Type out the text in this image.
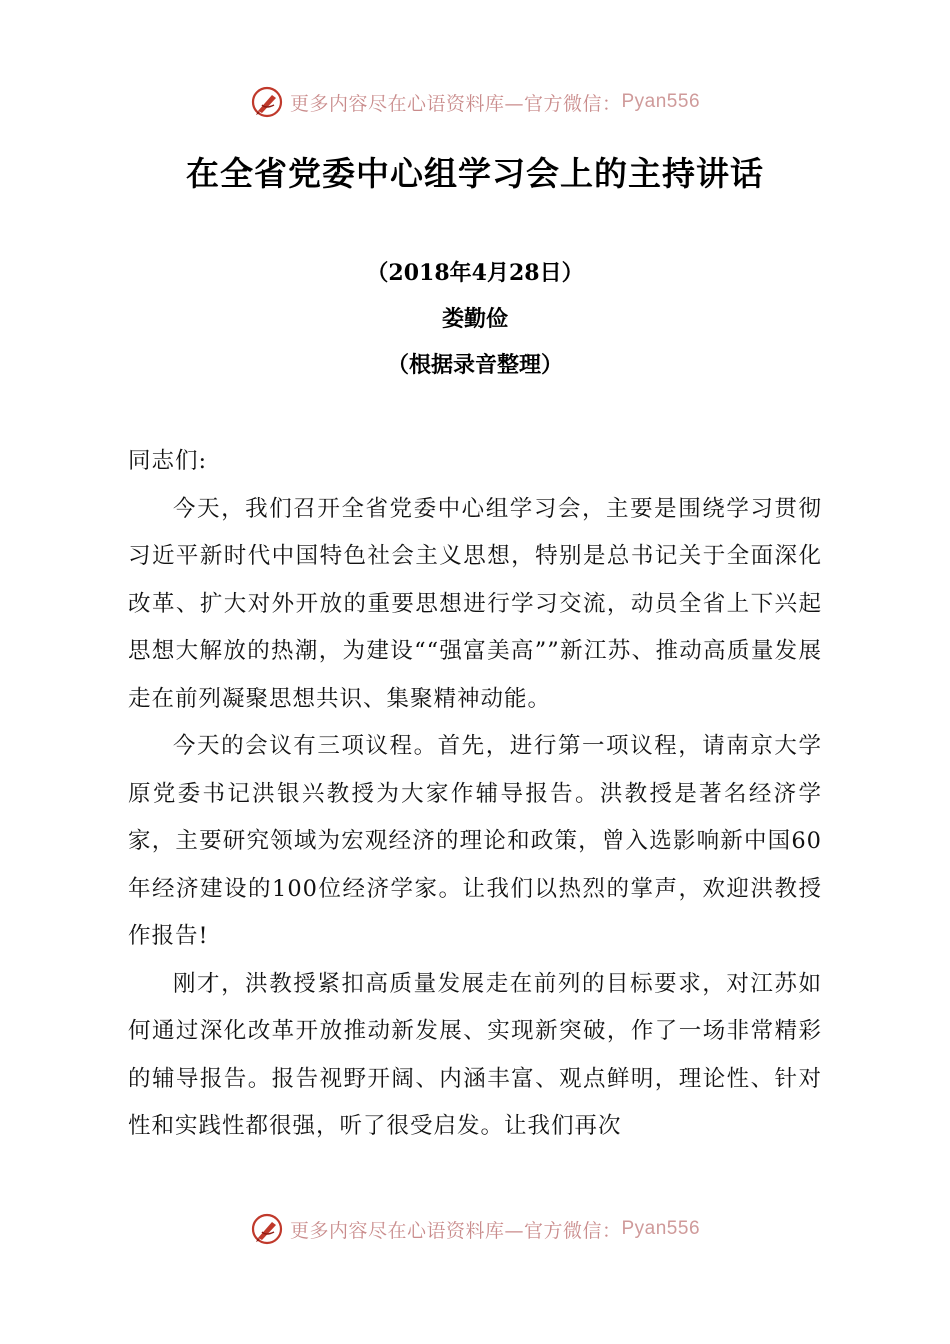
更多内容尽在心语资料库—官方微信： Pyan556
在全省党委中心组学习会上的主持讲话
（2018年4月28日）
娄勤俭
（根据录音整理）

同志们:

今天，我们召开全省党委中心组学习会，主要是围绕学习贯彻习近平新时代中国特色社会主义思想，特别是总书记关于全面深化改革、扩大对外开放的重要思想进行学习交流，动员全省上下兴起思想大解放的热潮，为建设““强富美高””新江苏、推动高质量发展走在前列凝聚思想共识、集聚精神动能。

今天的会议有三项议程。首先，进行第一项议程，请南京大学原党委书记洪银兴教授为大家作辅导报告。洪教授是著名经济学家，主要研究领域为宏观经济的理论和政策，曾入选影响新中国60年经济建设的100位经济学家。让我们以热烈的掌声，欢迎洪教授作报告!

刚才，洪教授紧扣高质量发展走在前列的目标要求，对江苏如何通过深化改革开放推动新发展、实现新突破，作了一场非常精彩的辅导报告。报告视野开阔、内涵丰富、观点鲜明，理论性、针对性和实践性都很强，听了很受启发。让我们再次

更多内容尽在心语资料库—官方微信： Pyan556
